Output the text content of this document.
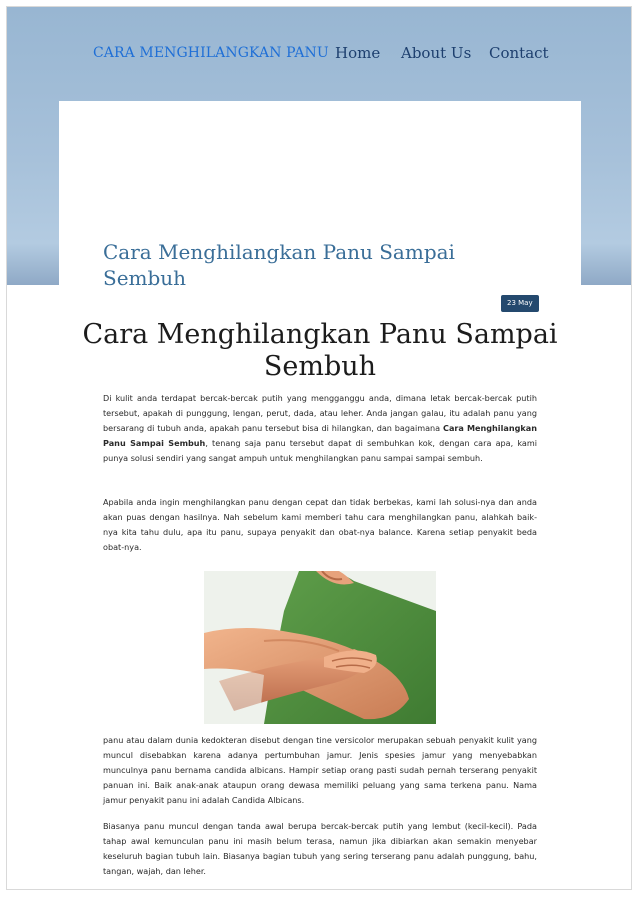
CARA MENGHILANGKAN PANU Home About Us Contact
Cara Menghilangkan Panu Sampai Sembuh
23 May
Cara Menghilangkan Panu Sampai Sembuh

Di kulit anda terdapat bercak-bercak putih yang mengganggu anda, dimana letak bercak-bercak putih tersebut, apakah di punggung, lengan, perut, dada, atau leher. Anda jangan galau, itu adalah panu yang bersarang di tubuh anda, apakah panu tersebut bisa di hilangkan, dan bagaimana Cara Menghilangkan Panu Sampai Sembuh, tenang saja panu tersebut dapat di sembuhkan kok, dengan cara apa, kami punya solusi sendiri yang sangat ampuh untuk menghilangkan panu sampai sampai sembuh.

Apabila anda ingin menghilangkan panu dengan cepat dan tidak berbekas, kami lah solusi-nya dan anda akan puas dengan hasilnya. Nah sebelum kami memberi tahu cara menghilangkan panu, alahkah baik-nya kita tahu dulu, apa itu panu, supaya penyakit dan obat-nya balance. Karena setiap penyakit beda obat-nya.

panu atau dalam dunia kedokteran disebut dengan tine versicolor merupakan sebuah penyakit kulit yang muncul disebabkan karena adanya pertumbuhan jamur. Jenis spesies jamur yang menyebabkan munculnya panu bernama candida albicans. Hampir setiap orang pasti sudah pernah terserang penyakit panuan ini. Baik anak-anak ataupun orang dewasa memiliki peluang yang sama terkena panu. Nama jamur penyakit panu ini adalah Candida Albicans.

Biasanya panu muncul dengan tanda awal berupa bercak-bercak putih yang lembut (kecil-kecil). Pada tahap awal kemunculan panu ini masih belum terasa, namun jika dibiarkan akan semakin menyebar keseluruh bagian tubuh lain. Biasanya bagian tubuh yang sering terserang panu adalah punggung, bahu, tangan, wajah, dan leher.
